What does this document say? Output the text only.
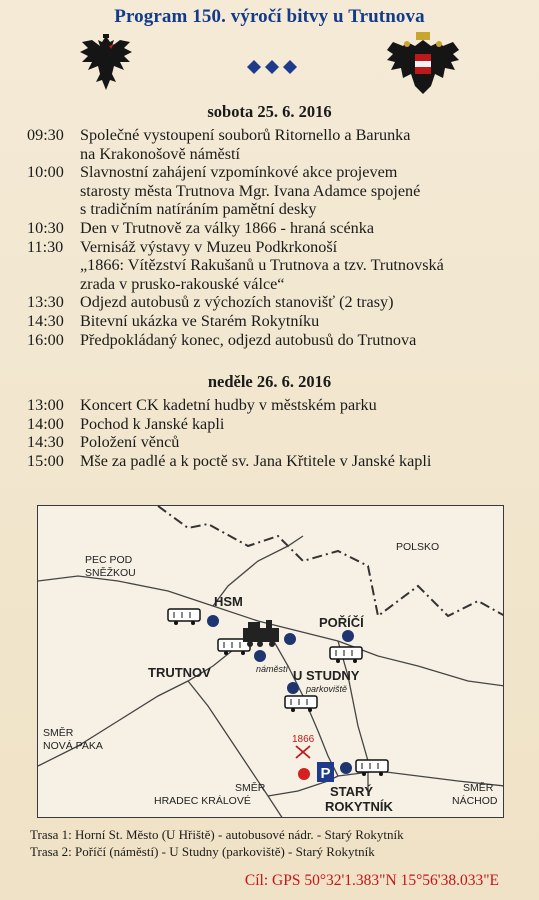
Program 150. výročí bitvy u Trutnova
sobota 25. 6. 2016
09:30 Společné vystoupení souborů Ritornello a Barunka
na Krakonošově náměstí
10:00 Slavnostní zahájení vzpomínkové akce projevem
starosty města Trutnova Mgr. Ivana Adamce spojené
s tradičním natíráním pamětní desky
10:30 Den v Trutnově za války 1866 - hraná scénka
11:30	Vernisáž výstavy v Muzeu Podkrkonoší
„1866: Vítězství Rakušanů u Trutnova a tzv. Trutnovská
zrada v prusko-rakouské válce“
13:30 Odjezd autobusů z výchozích stanovišť (2 trasy)
14:30 Bitevní ukázka ve Starém Rokytníku
16:00 Předpokládaný konec, odjezd autobusů do Trutnova
neděle 26. 6. 2016
13:00 Koncert CK kadetní hudby v městském parku
14:00 Pochod k Janské kapli
14:30 Položení věnců
15:00 Mše za padlé a k poctě sv. Jana Křtitele v Janské kapli
P
PEC POD
SNĚŽKOU
POLSKO
HSM
POŘÍČÍ
TRUTNOV	náměstí U STUDNY
parkoviště
SMĚR
NOVÁ PAKA
SMĚR
HRADEC KRÁLOVÉ
SMĚR
NÁCHOD
STARÝ
ROKYTNÍK
1866
Trasa 1: Horní St. Město (U Hřiště) - autobusové nádr. - Starý Rokytník
Trasa 2: Poříčí (náměstí) - U Studny (parkoviště) - Starý Rokytník
Cíl: GPS 50°32'1.383"N 15°56'38.033"E
